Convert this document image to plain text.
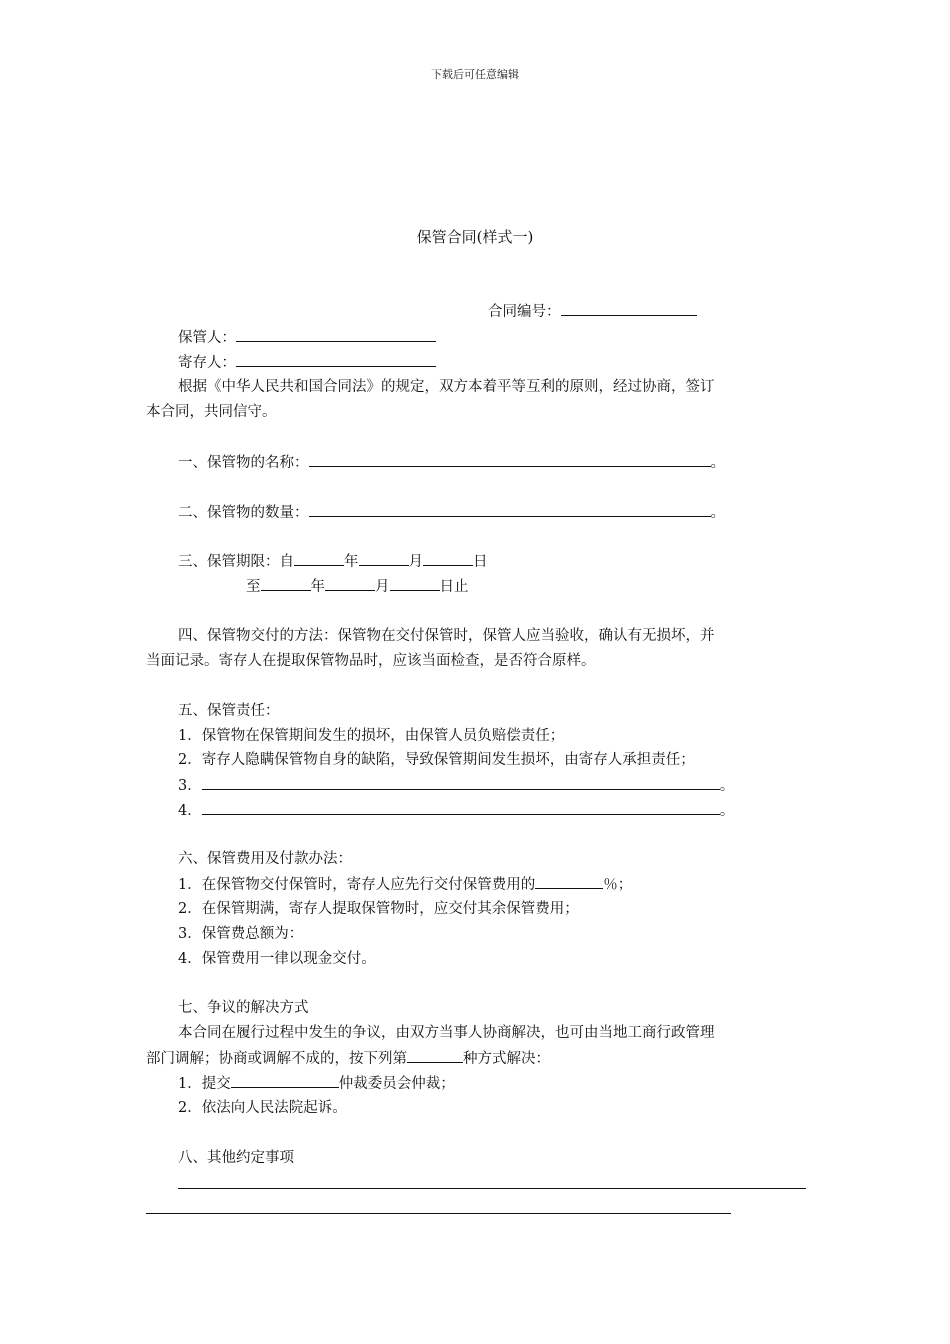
下载后可任意编辑
保管合同(样式一)
合同编号：
保管人：
寄存人：
根据《中华人民共和国合同法》的规定，双方本着平等互利的原则，经过协商，签订
本合同，共同信守。
一、保管物的名称：	。
二、保管物的数量：	。
三、保管期限：自	年	月	日
至	年	月	日止
四、保管物交付的方法：保管物在交付保管时，保管人应当验收，确认有无损坏，并
当面记录。寄存人在提取保管物品时，应该当面检查，是否符合原样。
五、保管责任：
1．保管物在保管期间发生的损坏，由保管人员负赔偿责任；
2．寄存人隐瞒保管物自身的缺陷，导致保管期间发生损坏，由寄存人承担责任；
3．	。
4．	。
六、保管费用及付款办法：
1．在保管物交付保管时，寄存人应先行交付保管费用的	％；
2．在保管期满，寄存人提取保管物时，应交付其余保管费用；
3．保管费总额为：
4．保管费用一律以现金交付。
七、争议的解决方式
本合同在履行过程中发生的争议，由双方当事人协商解决，也可由当地工商行政管理
部门调解；协商或调解不成的，按下列第	种方式解决：
1．提交	仲裁委员会仲裁；
2．依法向人民法院起诉。
八、其他约定事项
